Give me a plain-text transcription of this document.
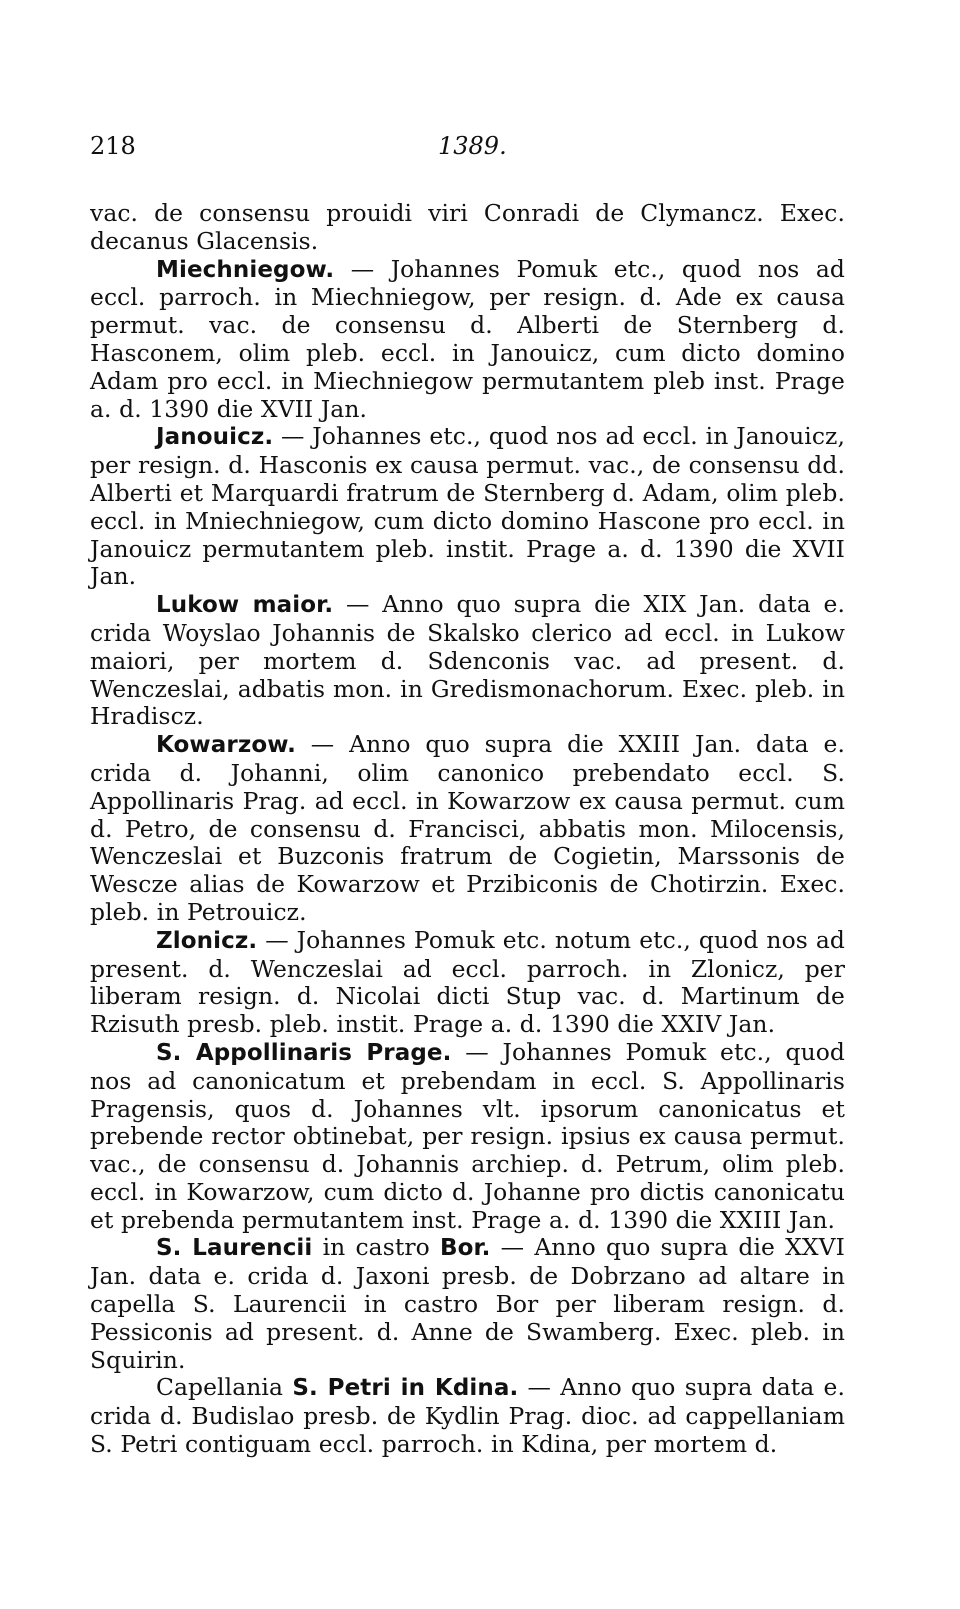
218	1389.

vac. de consensu prouidi viri Conradi de Clymancz. Exec. decanus Glacensis.

Miechniegow. — Johannes Pomuk etc., quod nos ad eccl. parroch. in Miechniegow, per resign. d. Ade ex causa permut. vac. de consensu d. Alberti de Sternberg d. Hasconem, olim pleb. eccl. in Janouicz, cum dicto domino Adam pro eccl. in Miechniegow permutantem pleb inst. Prage a. d. 1390 die XVII Jan.

Janouicz. — Johannes etc., quod nos ad eccl. in Janouicz, per resign. d. Hasconis ex causa permut. vac., de consensu dd. Alberti et Marquardi fratrum de Sternberg d. Adam, olim pleb. eccl. in Mniechniegow, cum dicto domino Hascone pro eccl. in Janouicz permutantem pleb. instit. Prage a. d. 1390 die XVII Jan.

Lukow maior. — Anno quo supra die XIX Jan. data e. crida Woyslao Johannis de Skalsko clerico ad eccl. in Lukow maiori, per mortem d. Sdenconis vac. ad present. d. Wenczeslai, adbatis mon. in Gredismonachorum. Exec. pleb. in Hradiscz.

Kowarzow. — Anno quo supra die XXIII Jan. data e. crida d. Johanni, olim canonico prebendato eccl. S. Appollinaris Prag. ad eccl. in Kowarzow ex causa permut. cum d. Petro, de consensu d. Francisci, abbatis mon. Milocensis, Wenczeslai et Buzconis fratrum de Cogietin, Marssonis de Wescze alias de Kowarzow et Przibiconis de Chotirzin. Exec. pleb. in Petrouicz.

Zlonicz. — Johannes Pomuk etc. notum etc., quod nos ad present. d. Wenczeslai ad eccl. parroch. in Zlonicz, per liberam resign. d. Nicolai dicti Stup vac. d. Martinum de Rzisuth presb. pleb. instit. Prage a. d. 1390 die XXIV Jan.

S. Appollinaris Prage. — Johannes Pomuk etc., quod nos ad canonicatum et prebendam in eccl. S. Appollinaris Pragensis, quos d. Johannes vlt. ipsorum canonicatus et prebende rector obtinebat, per resign. ipsius ex causa permut. vac., de consensu d. Johannis archiep. d. Petrum, olim pleb. eccl. in Kowarzow, cum dicto d. Johanne pro dictis canonicatu et prebenda permutantem inst. Prage a. d. 1390 die XXIII Jan.

S. Laurencii in castro Bor. — Anno quo supra die XXVI Jan. data e. crida d. Jaxoni presb. de Dobrzano ad altare in capella S. Laurencii in castro Bor per liberam resign. d. Pessiconis ad present. d. Anne de Swamberg. Exec. pleb. in Squirin.

Capellania S. Petri in Kdina. — Anno quo supra data e. crida d. Budislao presb. de Kydlin Prag. dioc. ad cappellaniam S. Petri contiguam eccl. parroch. in Kdina, per mortem d.
